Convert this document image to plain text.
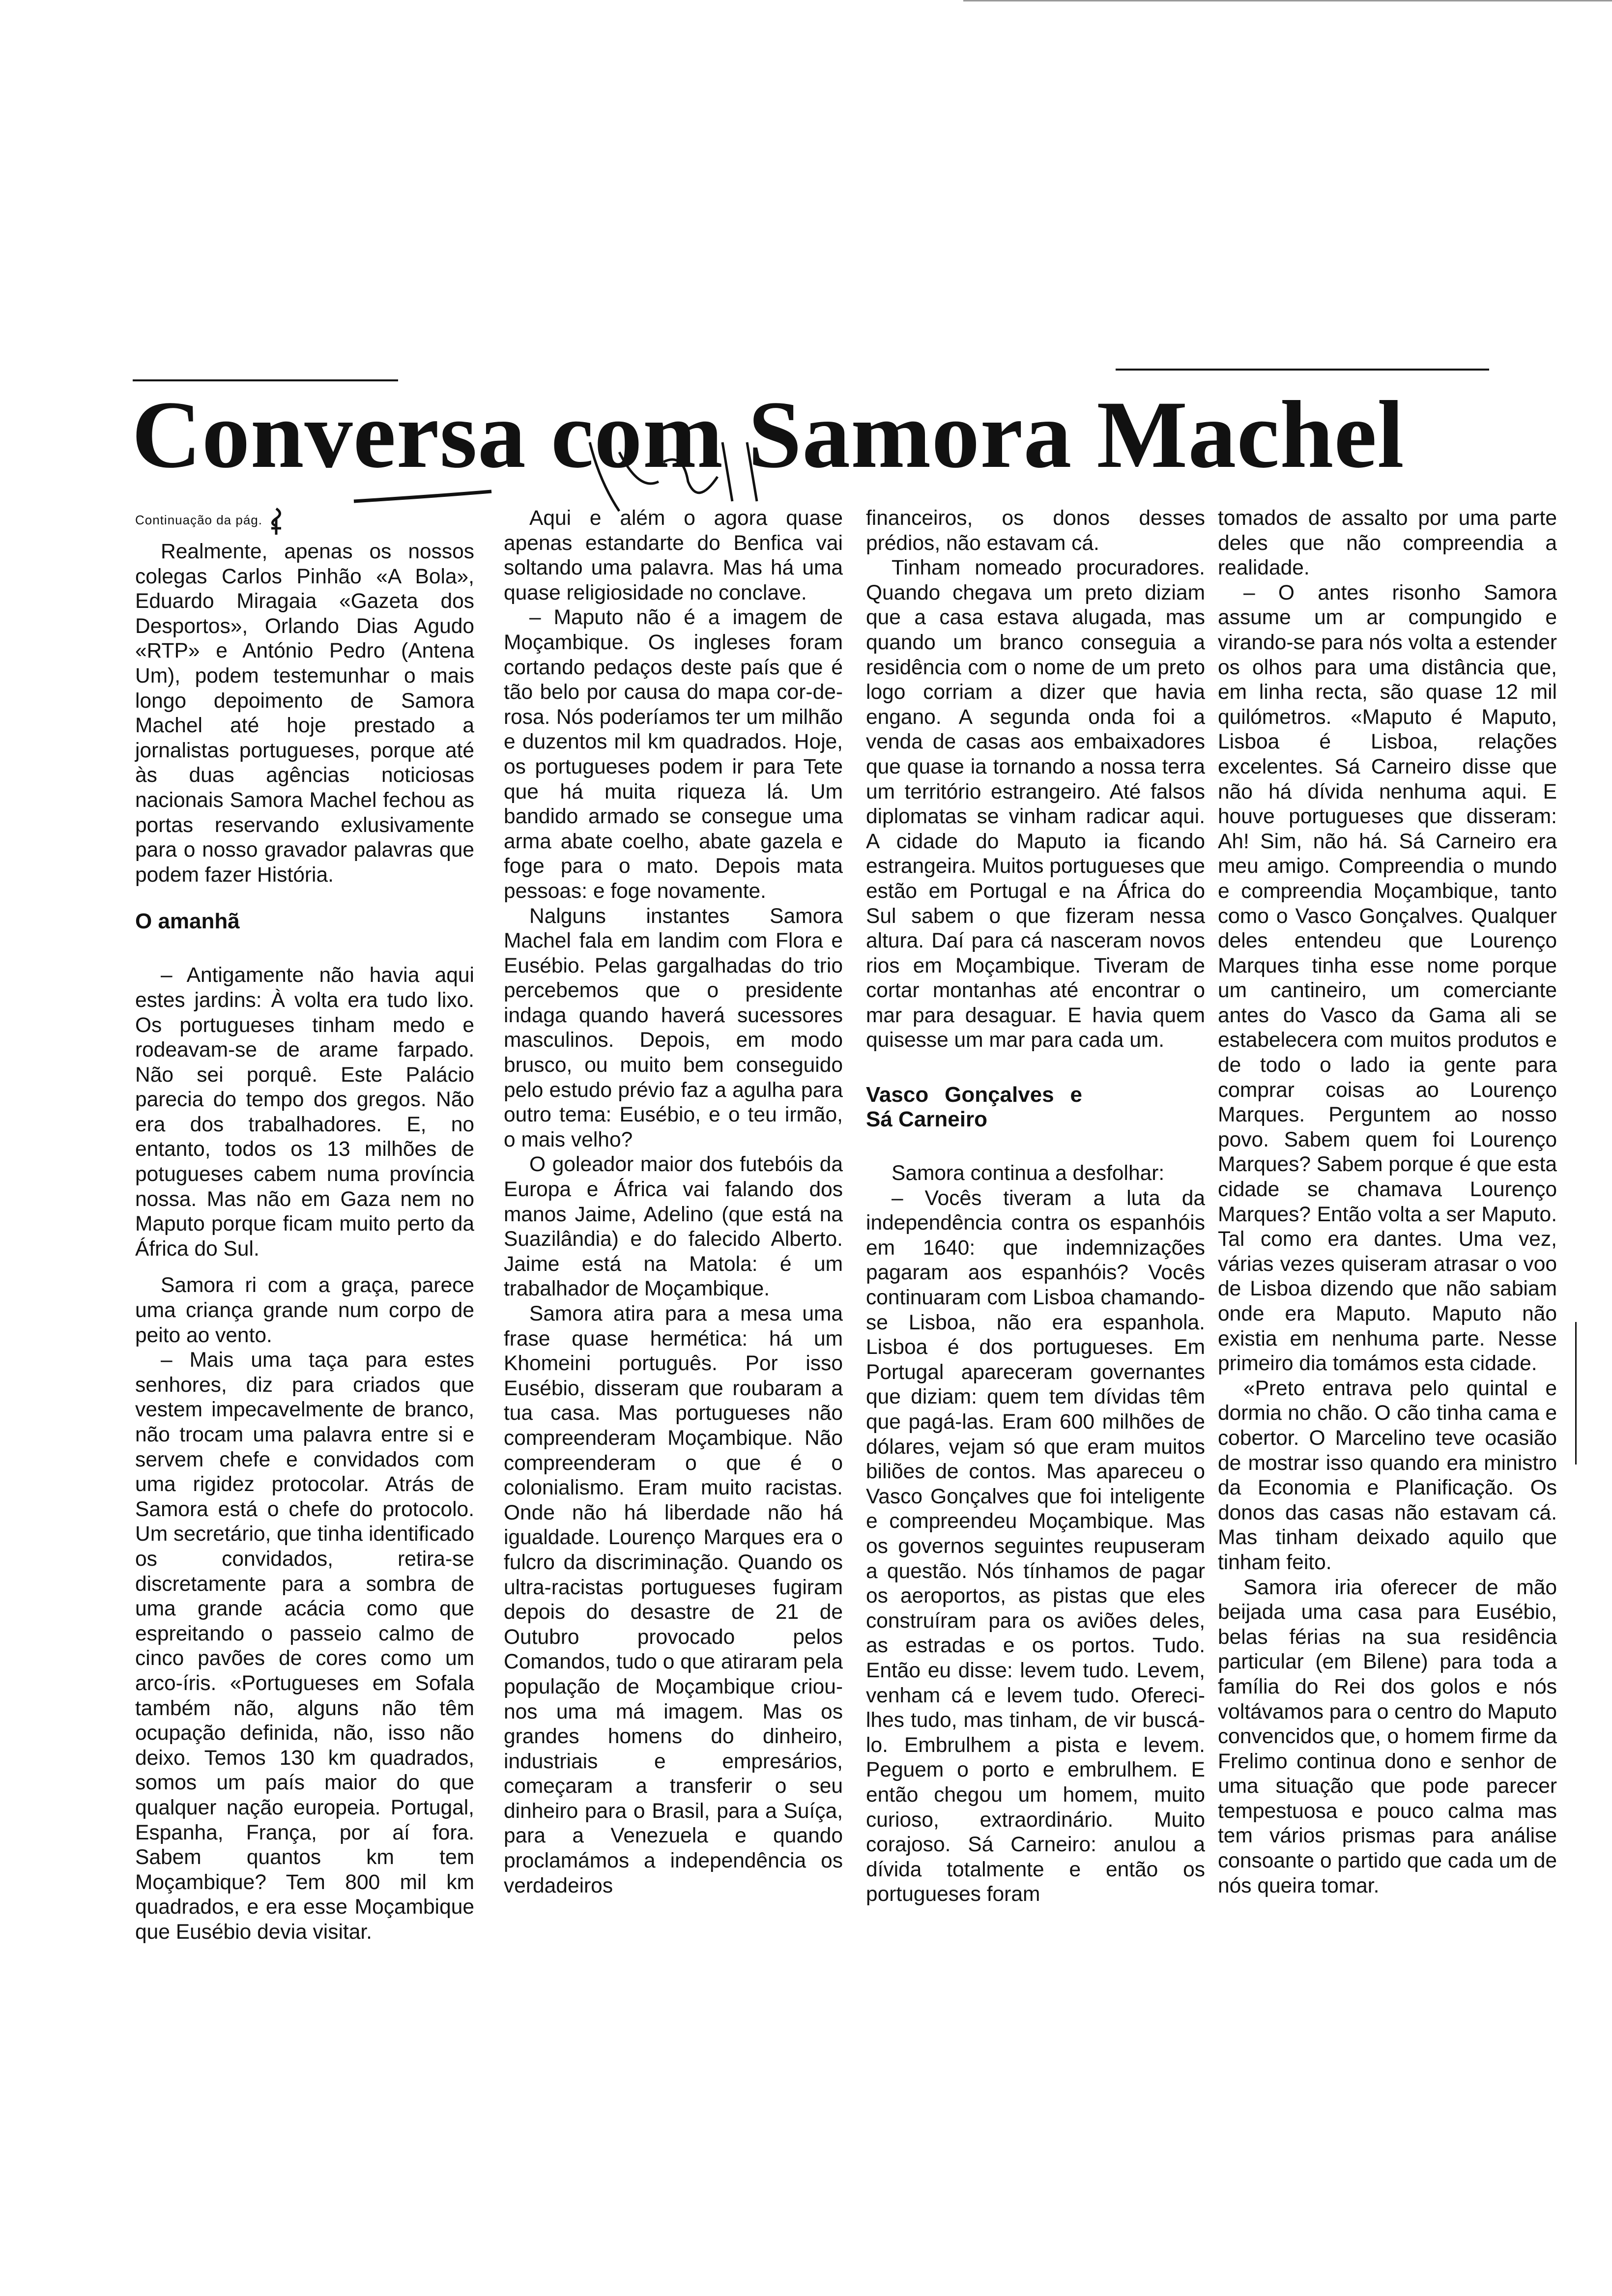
Conversa com Samora Machel

Continuação da pág.

Realmente, apenas os nossos colegas Carlos Pinhão «A Bola», Eduardo Miragaia «Gazeta dos Desportos», Orlando Dias Agudo «RTP» e António Pedro (Antena Um), podem testemunhar o mais longo depoimento de Samora Machel até hoje prestado a jornalistas portugueses, porque até às duas agências noticiosas nacionais Samora Machel fechou as portas reservando exlusivamente para o nosso gravador palavras que podem fazer História.

O amanhã

– Antigamente não havia aqui estes jardins: À volta era tudo lixo. Os portugueses tinham medo e rodeavam-se de arame farpado. Não sei porquê. Este Palácio parecia do tempo dos gregos. Não era dos trabalhadores. E, no entanto, todos os 13 milhões de potugueses cabem numa província nossa. Mas não em Gaza nem no Maputo porque ficam muito perto da África do Sul.

Samora ri com a graça, parece uma criança grande num corpo de peito ao vento.

– Mais uma taça para estes senhores, diz para criados que vestem impecavelmente de branco, não trocam uma palavra entre si e servem chefe e convidados com uma rigidez protocolar. Atrás de Samora está o chefe do protocolo. Um secretário, que tinha identificado os convidados, retira-se discretamente para a sombra de uma grande acácia como que espreitando o passeio calmo de cinco pavões de cores como um arco-íris. «Portugueses em Sofala também não, alguns não têm ocupação definida, não, isso não deixo. Temos 130 km quadrados, somos um país maior do que qualquer nação europeia. Portugal, Espanha, França, por aí fora. Sabem quantos km tem Moçambique? Tem 800 mil km quadrados, e era esse Moçambique que Eusébio devia visitar.

Aqui e além o agora quase apenas estandarte do Benfica vai soltando uma palavra. Mas há uma quase religiosidade no conclave.

– Maputo não é a imagem de Moçambique. Os ingleses foram cortando pedaços deste país que é tão belo por causa do mapa cor-de-rosa. Nós poderíamos ter um milhão e duzentos mil km quadrados. Hoje, os portugueses podem ir para Tete que há muita riqueza lá. Um bandido armado se consegue uma arma abate coelho, abate gazela e foge para o mato. Depois mata pessoas: e foge novamente.

Nalguns instantes Samora Machel fala em landim com Flora e Eusébio. Pelas gargalhadas do trio percebemos que o presidente indaga quando haverá sucessores masculinos. Depois, em modo brusco, ou muito bem conseguido pelo estudo prévio faz a agulha para outro tema: Eusébio, e o teu irmão, o mais velho?

O goleador maior dos futebóis da Europa e África vai falando dos manos Jaime, Adelino (que está na Suazilândia) e do falecido Alberto. Jaime está na Matola: é um trabalhador de Moçambique.

Samora atira para a mesa uma frase quase hermética: há um Khomeini português. Por isso Eusébio, disseram que roubaram a tua casa. Mas portugueses não compreenderam Moçambique. Não compreenderam o que é o colonialismo. Eram muito racistas. Onde não há liberdade não há igualdade. Lourenço Marques era o fulcro da discriminação. Quando os ultra-racistas portugueses fugiram depois do desastre de 21 de Outubro provocado pelos Comandos, tudo o que atiraram pela população de Moçambique criou-nos uma má imagem. Mas os grandes homens do dinheiro, industriais e empresários, começaram a transferir o seu dinheiro para o Brasil, para a Suíça, para a Venezuela e quando proclamámos a independência os verdadeiros

financeiros, os donos desses prédios, não estavam cá.

Tinham nomeado procuradores. Quando chegava um preto diziam que a casa estava alugada, mas quando um branco conseguia a residência com o nome de um preto logo corriam a dizer que havia engano. A segunda onda foi a venda de casas aos embaixadores que quase ia tornando a nossa terra um território estrangeiro. Até falsos diplomatas se vinham radicar aqui. A cidade do Maputo ia ficando estrangeira. Muitos portugueses que estão em Portugal e na África do Sul sabem o que fizeram nessa altura. Daí para cá nasceram novos rios em Moçambique. Tiveram de cortar montanhas até encontrar o mar para desaguar. E havia quem quisesse um mar para cada um.

Vasco Gonçalves e Sá Carneiro

Samora continua a desfolhar:

– Vocês tiveram a luta da independência contra os espanhóis em 1640: que indemnizações pagaram aos espanhóis? Vocês continuaram com Lisboa chamando-se Lisboa, não era espanhola. Lisboa é dos portugueses. Em Portugal apareceram governantes que diziam: quem tem dívidas têm que pagá-las. Eram 600 milhões de dólares, vejam só que eram muitos biliões de contos. Mas apareceu o Vasco Gonçalves que foi inteligente e compreendeu Moçambique. Mas os governos seguintes reupuseram a questão. Nós tínhamos de pagar os aeroportos, as pistas que eles construíram para os aviões deles, as estradas e os portos. Tudo. Então eu disse: levem tudo. Levem, venham cá e levem tudo. Ofereci-lhes tudo, mas tinham, de vir buscá-lo. Embrulhem a pista e levem. Peguem o porto e embrulhem. E então chegou um homem, muito curioso, extraordinário. Muito corajoso. Sá Carneiro: anulou a dívida totalmente e então os portugueses foram

tomados de assalto por uma parte deles que não compreendia a realidade.

– O antes risonho Samora assume um ar compungido e virando-se para nós volta a estender os olhos para uma distância que, em linha recta, são quase 12 mil quilómetros. «Maputo é Maputo, Lisboa é Lisboa, relações excelentes. Sá Carneiro disse que não há dívida nenhuma aqui. E houve portugueses que disseram: Ah! Sim, não há. Sá Carneiro era meu amigo. Compreendia o mundo e compreendia Moçambique, tanto como o Vasco Gonçalves. Qualquer deles entendeu que Lourenço Marques tinha esse nome porque um cantineiro, um comerciante antes do Vasco da Gama ali se estabelecera com muitos produtos e de todo o lado ia gente para comprar coisas ao Lourenço Marques. Perguntem ao nosso povo. Sabem quem foi Lourenço Marques? Sabem porque é que esta cidade se chamava Lourenço Marques? Então volta a ser Maputo. Tal como era dantes. Uma vez, várias vezes quiseram atrasar o voo de Lisboa dizendo que não sabiam onde era Maputo. Maputo não existia em nenhuma parte. Nesse primeiro dia tomámos esta cidade.

«Preto entrava pelo quintal e dormia no chão. O cão tinha cama e cobertor. O Marcelino teve ocasião de mostrar isso quando era ministro da Economia e Planificação. Os donos das casas não estavam cá. Mas tinham deixado aquilo que tinham feito.

Samora iria oferecer de mão beijada uma casa para Eusébio, belas férias na sua residência particular (em Bilene) para toda a família do Rei dos golos e nós voltávamos para o centro do Maputo convencidos que, o homem firme da Frelimo continua dono e senhor de uma situação que pode parecer tempestuosa e pouco calma mas tem vários prismas para análise consoante o partido que cada um de nós queira tomar.
